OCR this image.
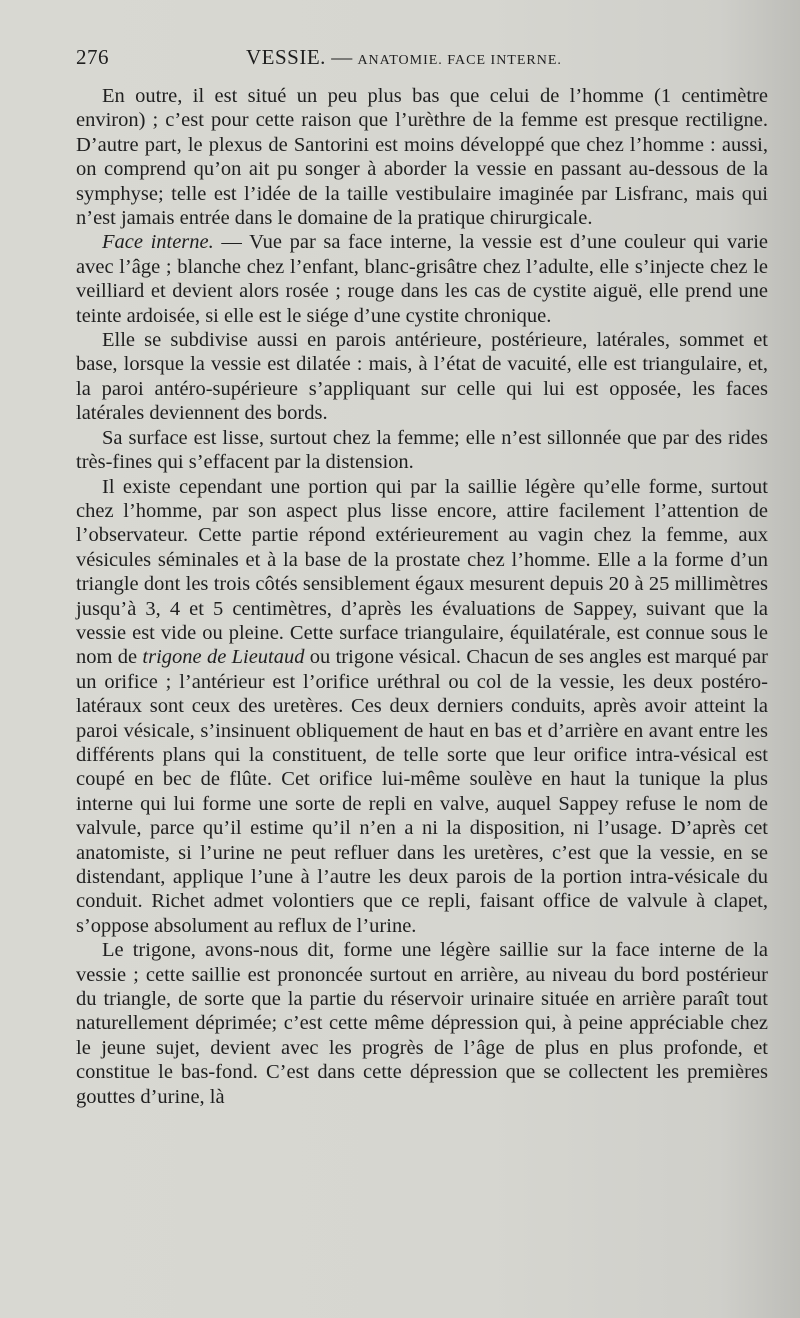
276	VESSIE. — ANATOMIE. FACE INTERNE.

En outre, il est situé un peu plus bas que celui de l’homme (1 centimètre environ) ; c’est pour cette raison que l’urèthre de la femme est presque rectiligne. D’autre part, le plexus de Santorini est moins développé que chez l’homme : aussi, on comprend qu’on ait pu songer à aborder la vessie en passant au-dessous de la symphyse; telle est l’idée de la taille vestibulaire imaginée par Lisfranc, mais qui n’est jamais entrée dans le domaine de la pratique chirurgicale.

Face interne. — Vue par sa face interne, la vessie est d’une couleur qui varie avec l’âge ; blanche chez l’enfant, blanc-grisâtre chez l’adulte, elle s’injecte chez le veilliard et devient alors rosée ; rouge dans les cas de cystite aiguë, elle prend une teinte ardoisée, si elle est le siége d’une cystite chronique.

Elle se subdivise aussi en parois antérieure, postérieure, latérales, sommet et base, lorsque la vessie est dilatée : mais, à l’état de vacuité, elle est triangulaire, et, la paroi antéro-supérieure s’appliquant sur celle qui lui est opposée, les faces latérales deviennent des bords.

Sa surface est lisse, surtout chez la femme; elle n’est sillonnée que par des rides très-fines qui s’effacent par la distension.

Il existe cependant une portion qui par la saillie légère qu’elle forme, surtout chez l’homme, par son aspect plus lisse encore, attire facilement l’attention de l’observateur. Cette partie répond extérieurement au vagin chez la femme, aux vésicules séminales et à la base de la prostate chez l’homme. Elle a la forme d’un triangle dont les trois côtés sensiblement égaux mesurent depuis 20 à 25 millimètres jusqu’à 3, 4 et 5 centimètres, d’après les évaluations de Sappey, suivant que la vessie est vide ou pleine. Cette surface triangulaire, équilatérale, est connue sous le nom de trigone de Lieutaud ou trigone vésical. Chacun de ses angles est marqué par un orifice ; l’antérieur est l’orifice uréthral ou col de la vessie, les deux postéro-latéraux sont ceux des uretères. Ces deux derniers conduits, après avoir atteint la paroi vésicale, s’insinuent obliquement de haut en bas et d’arrière en avant entre les différents plans qui la constituent, de telle sorte que leur orifice intra-vésical est coupé en bec de flûte. Cet orifice lui-même soulève en haut la tunique la plus interne qui lui forme une sorte de repli en valve, auquel Sappey refuse le nom de valvule, parce qu’il estime qu’il n’en a ni la disposition, ni l’usage. D’après cet anatomiste, si l’urine ne peut refluer dans les uretères, c’est que la vessie, en se distendant, applique l’une à l’autre les deux parois de la portion intra-vésicale du conduit. Richet admet volontiers que ce repli, faisant office de valvule à clapet, s’oppose absolument au reflux de l’urine.

Le trigone, avons-nous dit, forme une légère saillie sur la face interne de la vessie ; cette saillie est prononcée surtout en arrière, au niveau du bord postérieur du triangle, de sorte que la partie du réservoir urinaire située en arrière paraît tout naturellement déprimée; c’est cette même dépression qui, à peine appréciable chez le jeune sujet, devient avec les progrès de l’âge de plus en plus profonde, et constitue le bas-fond. C’est dans cette dépression que se collectent les premières gouttes d’urine, là
